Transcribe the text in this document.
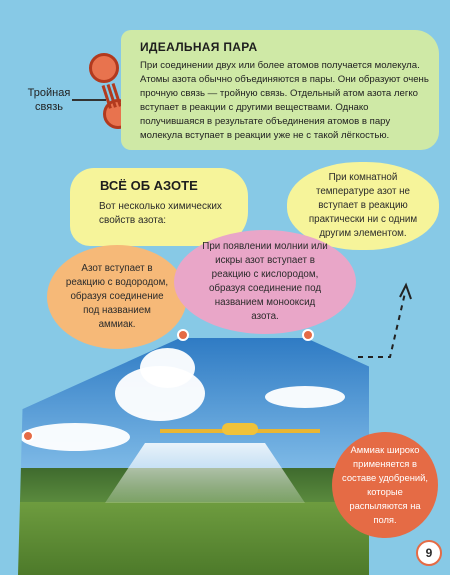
Тройная
связь
ИДЕАЛЬНАЯ ПАРА
При соединении двух или более атомов получается молекула. Атомы азота обычно объединяются в пары. Они образуют очень прочную связь — тройную связь. Отдельный атом азота легко вступает в реакции с другими веществами. Однако получившаяся в результате объединения атомов в пару молекула вступает в реакции уже не с такой лёгкостью.
ВСЁ ОБ АЗОТЕ
Вот несколько химических свойств азота:
При комнатной температуре азот не вступает в реакцию практически ни с одним другим элементом.
Азот вступает в реакцию с водородом, образуя соединение под названием аммиак.
При появлении молнии или искры азот вступает в реакцию с кислородом, образуя соединение под названием монооксид азота.
Аммиак широко применяется в составе удобрений, которые распыляются на поля.
9
